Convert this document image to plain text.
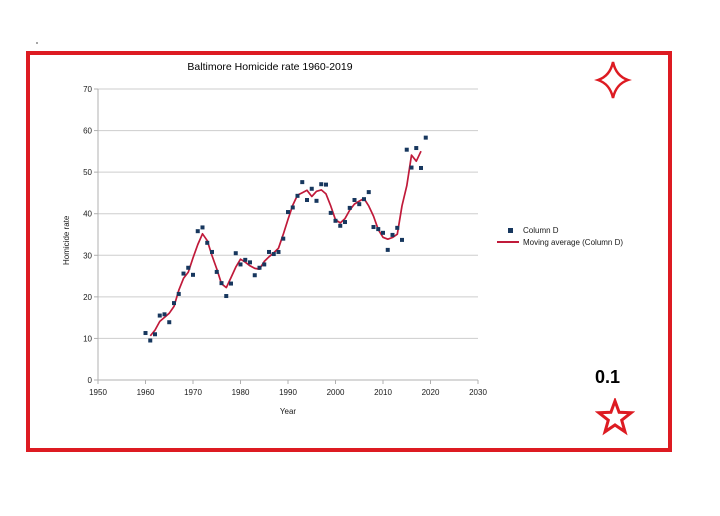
Baltimore Homicide rate 1960-2019
0
10
20
30
40
50
60
70
1950	1960	1970	1980	1990	2000	2010	2020	2030
Homicide rate
Year
Column D
Moving average (Column D)
0.1
